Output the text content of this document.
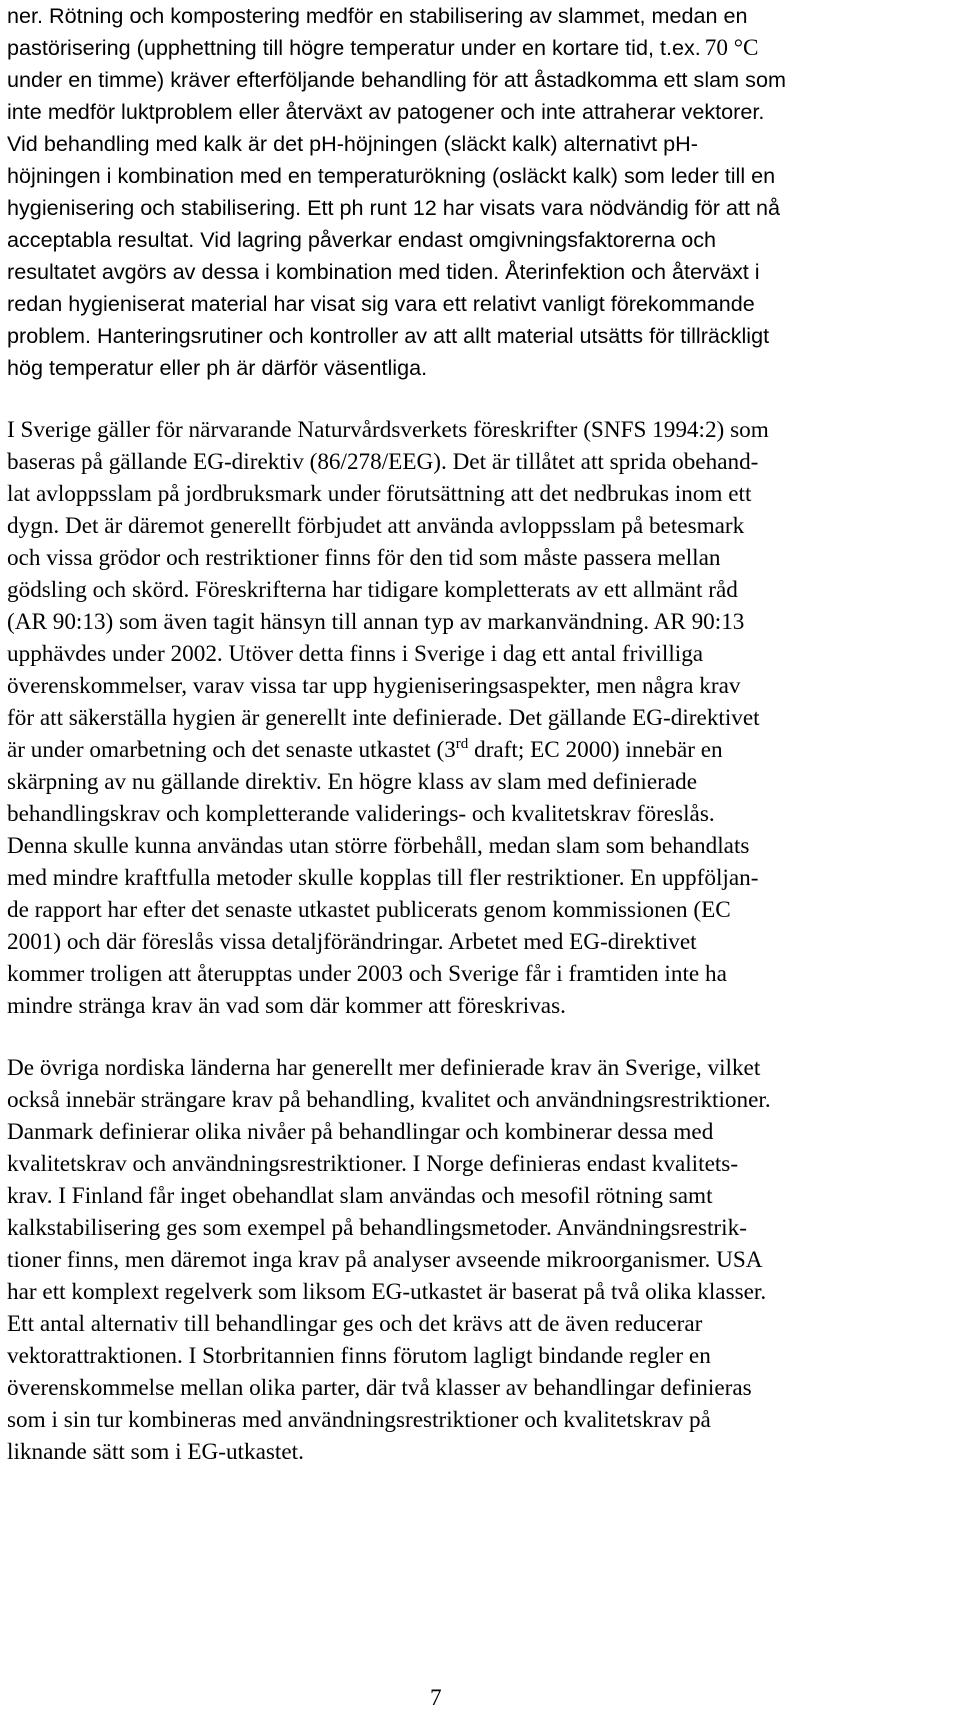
ner. Rötning och kompostering medför en stabilisering av slammet, medan en
pastörisering (upphettning till högre temperatur under en kortare tid, t.ex. 70 °C
under en timme) kräver efterföljande behandling för att åstadkomma ett slam som
inte medför luktproblem eller återväxt av patogener och inte attraherar vektorer.
Vid behandling med kalk är det pH-höjningen (släckt kalk) alternativt pH-
höjningen i kombination med en temperaturökning (osläckt kalk) som leder till en
hygienisering och stabilisering. Ett ph runt 12 har visats vara nödvändig för att nå
acceptabla resultat. Vid lagring påverkar endast omgivningsfaktorerna och
resultatet avgörs av dessa i kombination med tiden. Återinfektion och återväxt i
redan hygieniserat material har visat sig vara ett relativt vanligt förekommande
problem. Hanteringsrutiner och kontroller av att allt material utsätts för tillräckligt
hög temperatur eller ph är därför väsentliga.
I Sverige gäller för närvarande Naturvårdsverkets föreskrifter (SNFS 1994:2) som
baseras på gällande EG-direktiv (86/278/EEG). Det är tillåtet att sprida obehand-
lat avloppsslam på jordbruksmark under förutsättning att det nedbrukas inom ett
dygn. Det är däremot generellt förbjudet att använda avloppsslam på betesmark
och vissa grödor och restriktioner finns för den tid som måste passera mellan
gödsling och skörd. Föreskrifterna har tidigare kompletterats av ett allmänt råd
(AR 90:13) som även tagit hänsyn till annan typ av markanvändning. AR 90:13
upphävdes under 2002. Utöver detta finns i Sverige i dag ett antal frivilliga
överenskommelser, varav vissa tar upp hygieniseringsaspekter, men några krav
för att säkerställa hygien är generellt inte definierade. Det gällande EG-direktivet
är under omarbetning och det senaste utkastet (3rd draft; EC 2000) innebär en
skärpning av nu gällande direktiv. En högre klass av slam med definierade
behandlingskrav och kompletterande validerings- och kvalitetskrav föreslås.
Denna skulle kunna användas utan större förbehåll, medan slam som behandlats
med mindre kraftfulla metoder skulle kopplas till fler restriktioner. En uppföljan-
de rapport har efter det senaste utkastet publicerats genom kommissionen (EC
2001) och där föreslås vissa detaljförändringar. Arbetet med EG-direktivet
kommer troligen att återupptas under 2003 och Sverige får i framtiden inte ha
mindre stränga krav än vad som där kommer att föreskrivas.
De övriga nordiska länderna har generellt mer definierade krav än Sverige, vilket
också innebär strängare krav på behandling, kvalitet och användningsrestriktioner.
Danmark definierar olika nivåer på behandlingar och kombinerar dessa med
kvalitetskrav och användningsrestriktioner. I Norge definieras endast kvalitets-
krav. I Finland får inget obehandlat slam användas och mesofil rötning samt
kalkstabilisering ges som exempel på behandlingsmetoder. Användningsrestrik-
tioner finns, men däremot inga krav på analyser avseende mikroorganismer. USA
har ett komplext regelverk som liksom EG-utkastet är baserat på två olika klasser.
Ett antal alternativ till behandlingar ges och det krävs att de även reducerar
vektorattraktionen. I Storbritannien finns förutom lagligt bindande regler en
överenskommelse mellan olika parter, där två klasser av behandlingar definieras
som i sin tur kombineras med användningsrestriktioner och kvalitetskrav på
liknande sätt som i EG-utkastet.
7
